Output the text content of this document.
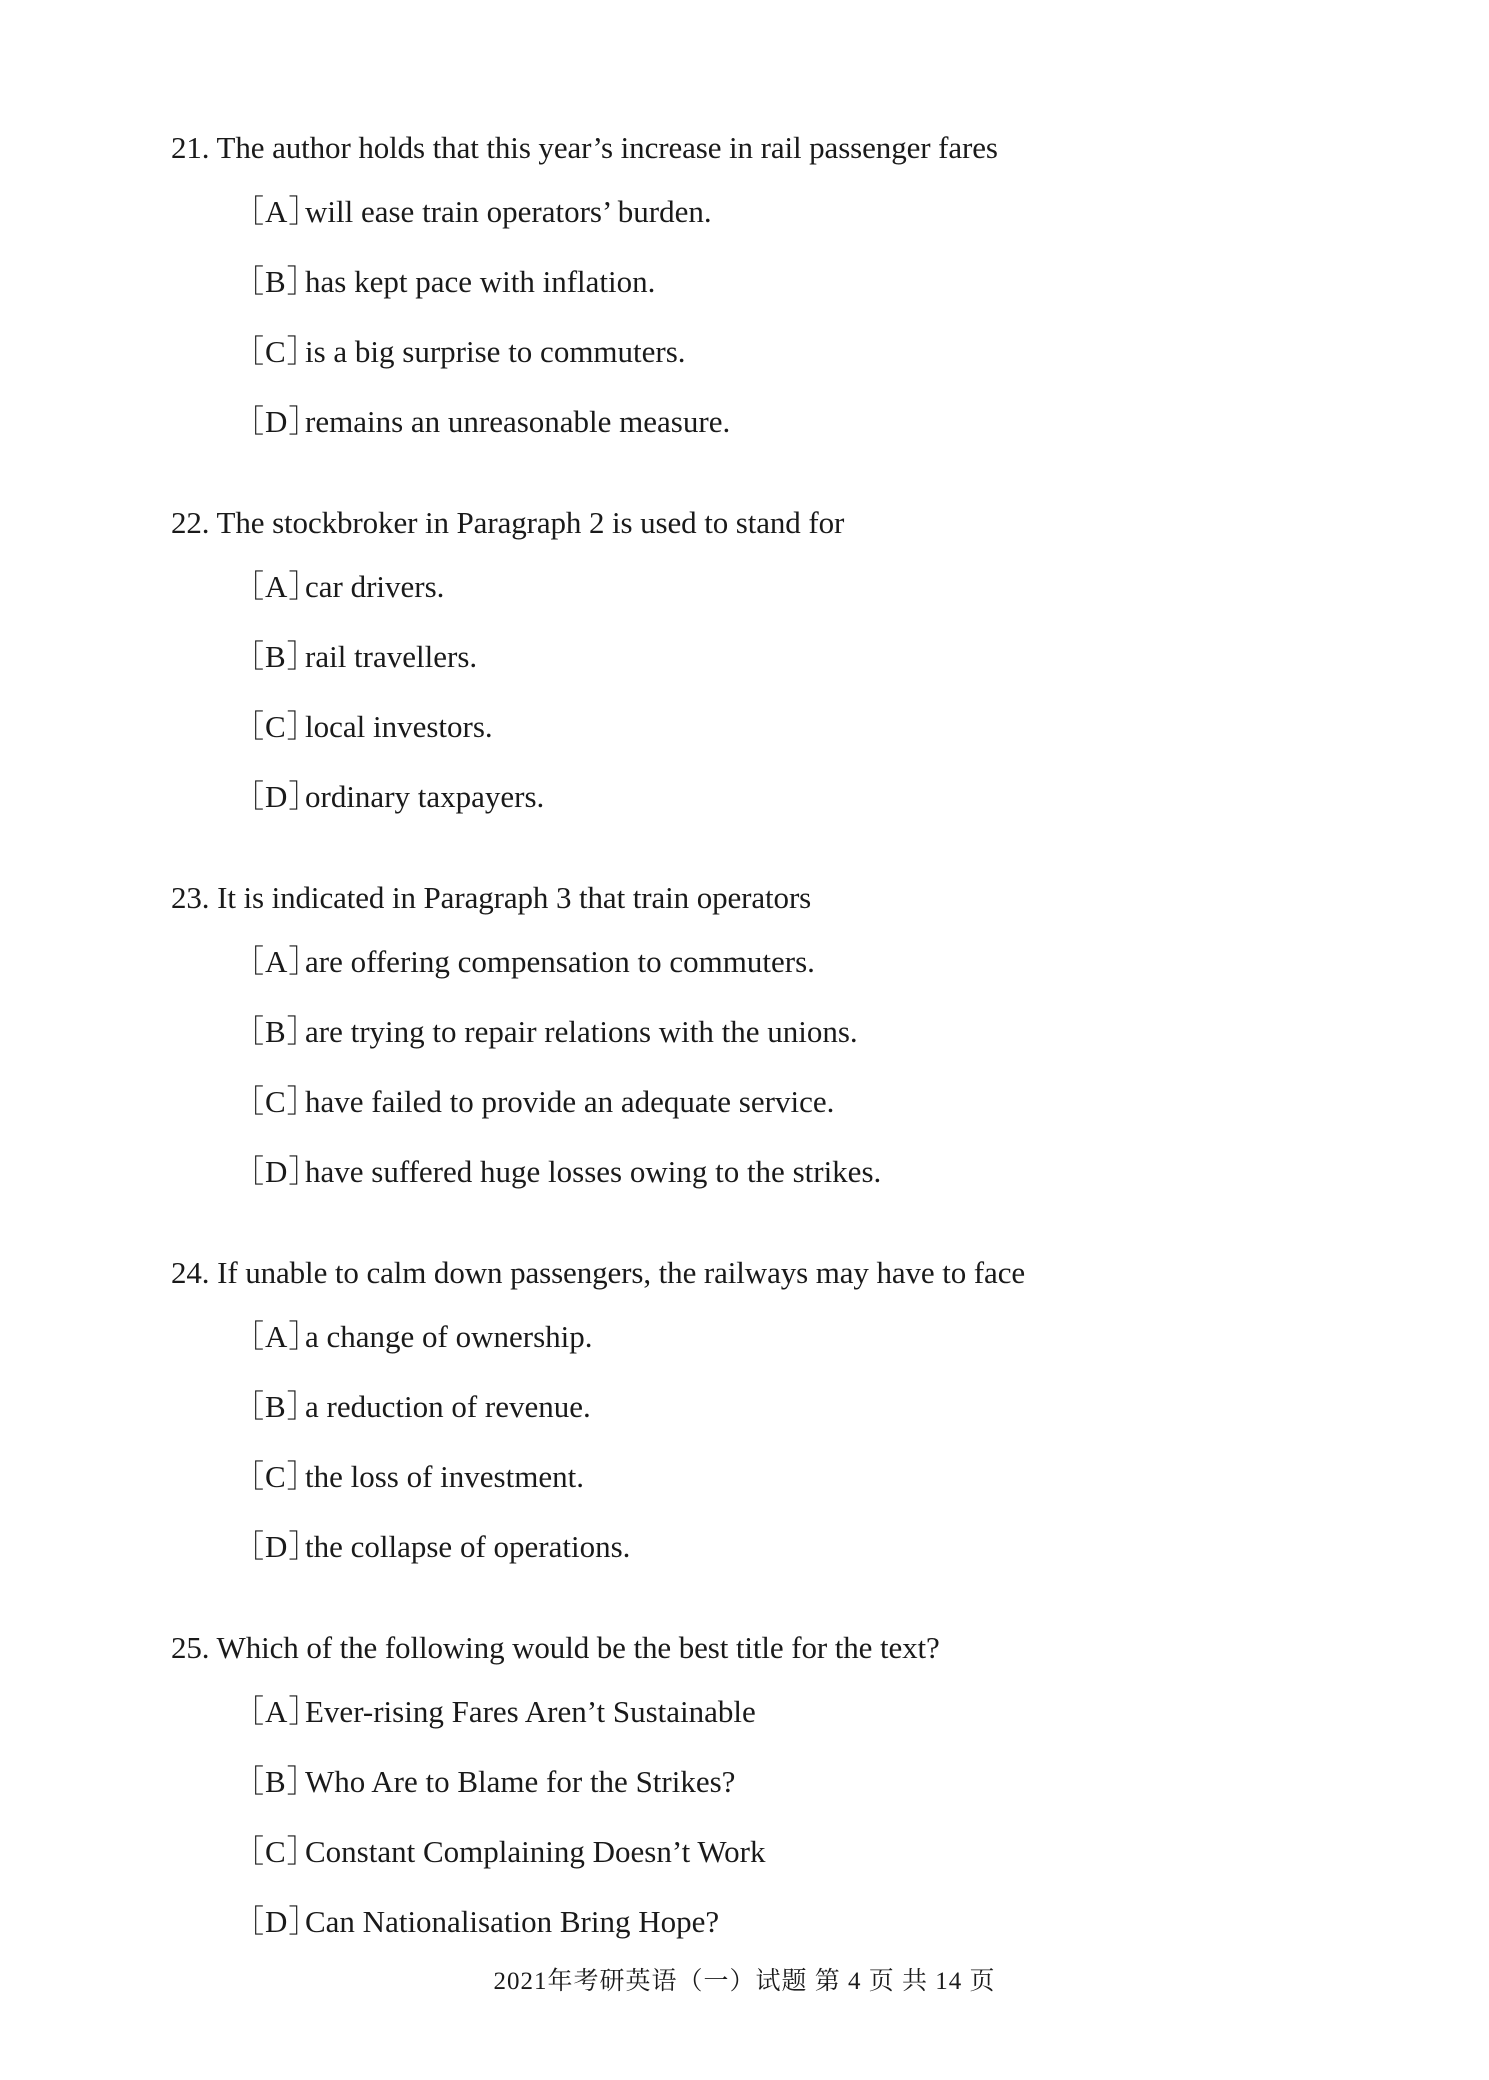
21. The author holds that this year’s increase in rail passenger fares
［A］will ease train operators’ burden.
［B］has kept pace with inflation.
［C］is a big surprise to commuters.
［D］remains an unreasonable measure.
22. The stockbroker in Paragraph 2 is used to stand for
［A］car drivers.
［B］rail travellers.
［C］local investors.
［D］ordinary taxpayers.
23. It is indicated in Paragraph 3 that train operators
［A］are offering compensation to commuters.
［B］are trying to repair relations with the unions.
［C］have failed to provide an adequate service.
［D］have suffered huge losses owing to the strikes.
24. If unable to calm down passengers, the railways may have to face
［A］a change of ownership.
［B］a reduction of revenue.
［C］the loss of investment.
［D］the collapse of operations.
25. Which of the following would be the best title for the text?
［A］Ever-rising Fares Aren’t Sustainable
［B］Who Are to Blame for the Strikes?
［C］Constant Complaining Doesn’t Work
［D］Can Nationalisation Bring Hope?
2021年考研英语（一）试题 第 4 页 共 14 页
